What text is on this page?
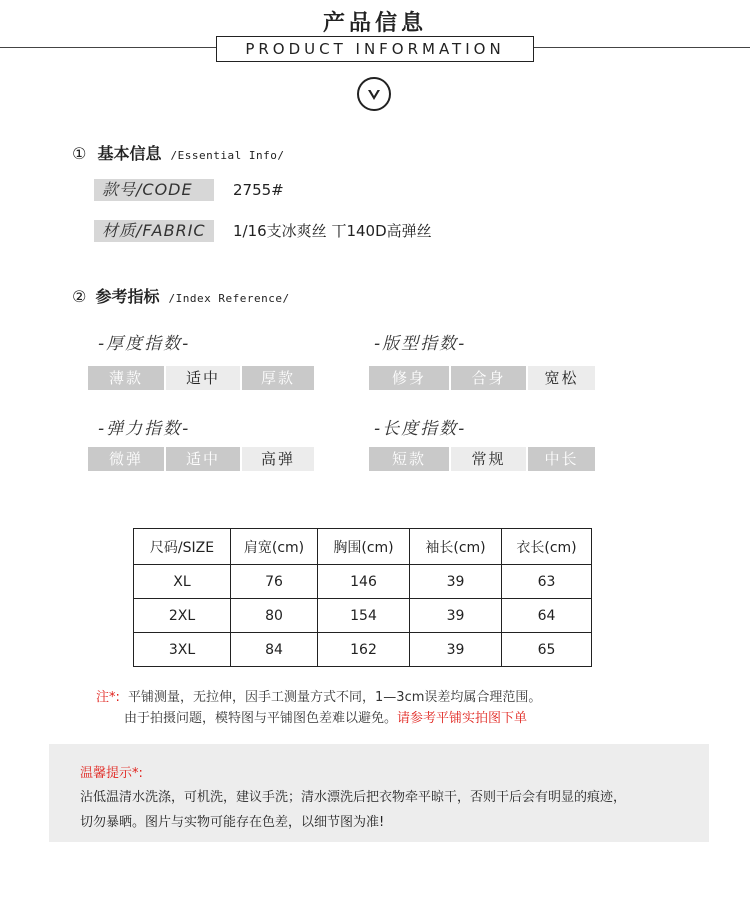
产品信息
PRODUCT INFORMATION
① 基本信息 /Essential Info/
款号/CODE	2755#
材质/FABRIC	1/16支冰爽丝 丅140D高弹丝
② 参考指标 /Index Reference/
-厚度指数-
薄款	适中	厚款
-版型指数-
修身	合身	宽松
-弹力指数-
微弹	适中	高弹
-长度指数-
短款	常规	中长
尺码/SIZE	肩宽(cm)	胸围(cm)	袖长(cm)	衣长(cm)
XL	76	146	39	63
2XL	80	154	39	64
3XL	84	162	39	65
注*: 平铺测量，无拉伸，因手工测量方式不同，1—3cm误差均属合理范围。
由于拍摄问题，模特图与平铺图色差难以避免。请参考平铺实拍图下单
温馨提示*:
沾低温清水洗涤，可机洗，建议手洗；清水漂洗后把衣物牵平晾干，否则干后会有明显的痕迹，
切勿暴晒。图片与实物可能存在色差，以细节图为准!
